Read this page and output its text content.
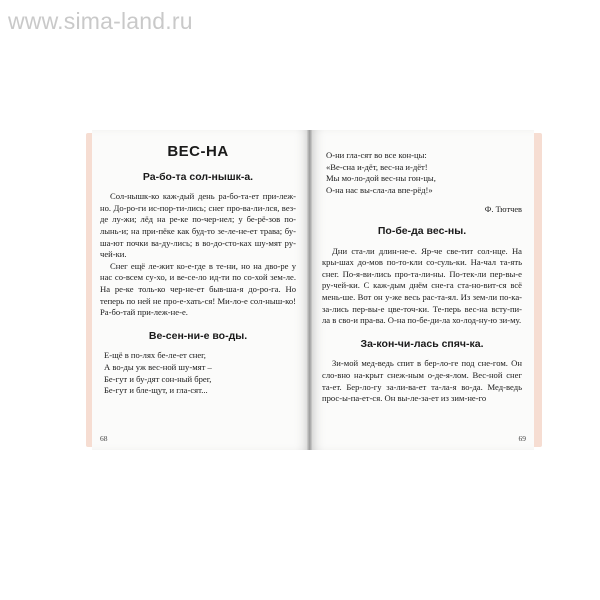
www.sima-land.ru
ВЕС-НА
Ра-бо-та сол-нышк-а.

Сол-нышк-ко каж-дый день ра-бо-та-ет при-леж-но. До-ро-ги ис-пор-ти-лись; снег про-ва-ли-лся, вез-де лу-жи; лёд на ре-ке по-чер-нел; у бе-рё-зов по-лынь-и; на при-пёке как буд-то зе-ле-не-ет трава; бу-ша-ют почки ва-ду-лись; в во-до-сто-ках шу-мят ру-чей-ки.

Снег ещё ле-жит ко-е-где в те-ни, но на дво-ре у нас со-всем су-хо, и ве-се-ло ид-ти по со-хой зем-ле. На ре-ке толь-ко чер-не-ет быв-ша-я до-ро-га. Но теперь по ней не про-е-хать-ся! Ми-ло-е сол-ныш-ко! Ра-бо-тай при-леж-не-е.

Ве-сен-ни-е во-ды.
Е-щё в по-лях бе-ле-ет снег,
А во-ды уж вес-ной шу-мят –
Бе-гут и бу-дят сон-ный брег,
Бе-гут и бле-щут, и гла-сят...
68
О-ни гла-сят во все кон-цы:
«Ве-сна и-дёт, вес-на и-дёт!
Мы мо-ло-дой вес-ны гон-цы,
О-на нас вы-сла-ла впе-рёд!»
Ф. Тютчев
По-бе-да вес-ны.

Дни ста-ли длин-не-е. Яр-че све-тит сол-нце. На кры-шах до-мов по-то-кли со-суль-ки. На-чал та-ять снег. По-я-ви-лись про-та-ли-ны. По-тек-ли пер-вы-е ру-чей-ки. С каж-дым днём сне-га ста-но-вит-ся всё мень-ше. Вот он у-же весь рас-та-ял. Из зем-ли по-ка-за-лись пер-вы-е цве-точ-ки. Те-перь вес-на всту-пи-ла в сво-и пра-ва. О-на по-бе-ди-ла хо-лод-ну-ю зи-му.

За-кон-чи-лась спяч-ка.

Зи-мой мед-ведь спит в бер-ло-ге под сне-гом. Он сло-вно на-крыт снеж-ным о-де-я-лом. Вес-ной снег та-ет. Бер-ло-гу за-ли-ва-ет та-ла-я во-да. Мед-ведь прос-ы-па-ет-ся. Он вы-ле-за-ет из зим-не-го

69
